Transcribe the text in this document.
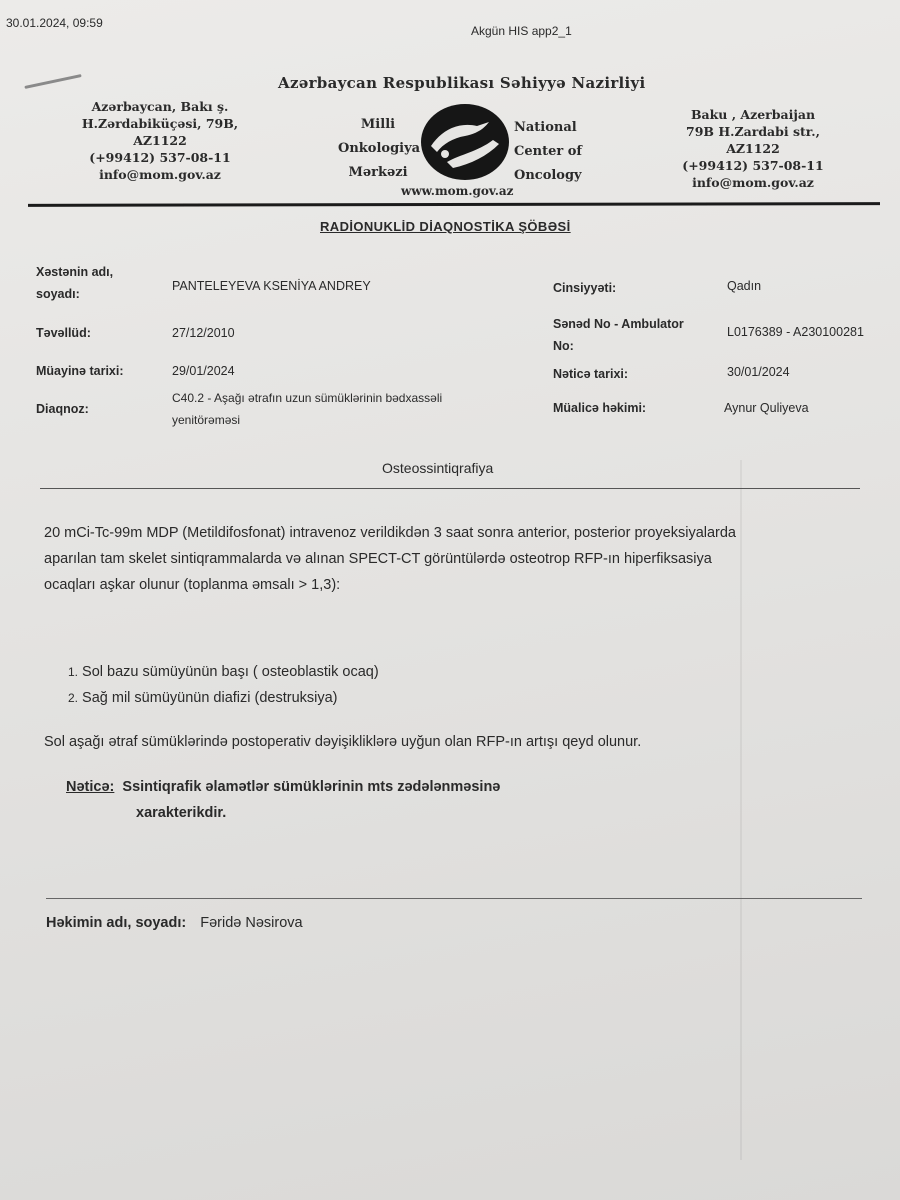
30.01.2024, 09:59
Akgün HIS app2_1
Azərbaycan Respublikası Səhiyyə Nazirliyi
Azərbaycan, Bakı ş.
H.Zərdabiküçəsi, 79B, AZ1122
(+99412) 537-08-11
info@mom.gov.az
Milli
Onkologiya
Mərkəzi
National
Center of
Oncology
Baku , Azerbaijan
79B H.Zardabi str., AZ1122
(+99412) 537-08-11
info@mom.gov.az
www.mom.gov.az
RADİONUKLİD DİAQNOSTİKA ŞÖBƏSİ
Xəstənin adı,
soyadı:
PANTELEYEVA KSENİYA ANDREY	Cinsiyyəti:	Qadın
Təvəllüd:	27/12/2010
Sənəd No - Ambulator
No:
L0176389 - A230100281
Müayinə tarixi:	29/01/2024	Nəticə tarixi:	30/01/2024
Diaqnoz:
C40.2 - Aşağı ətrafın uzun sümüklərinin bədxassəli
yenitörəməsi
Müalicə həkimi:	Aynur Quliyeva
Osteossintiqrafiya
20 mCi-Tc-99m MDP (Metildifosfonat) intravenoz verildikdən 3 saat sonra anterior, posterior proyeksiyalarda
aparılan tam skelet sintiqrammalarda və alınan SPECT-CT görüntülərdə osteotrop RFP-ın hiperfiksasiya
ocaqları aşkar olunur (toplanma əmsalı > 1,3):
1. Sol bazu sümüyünün başı ( osteoblastik ocaq)
2. Sağ mil sümüyünün diafizi (destruksiya)
Sol aşağı ətraf sümüklərində postoperativ dəyişikliklərə uyğun olan RFP-ın artışı qeyd olunur.
Nəticə: Ssintiqrafik əlamətlər sümüklərinin mts zədələnməsinə
xarakterikdir.
Həkimin adı, soyadı: Fəridə Nəsirova
